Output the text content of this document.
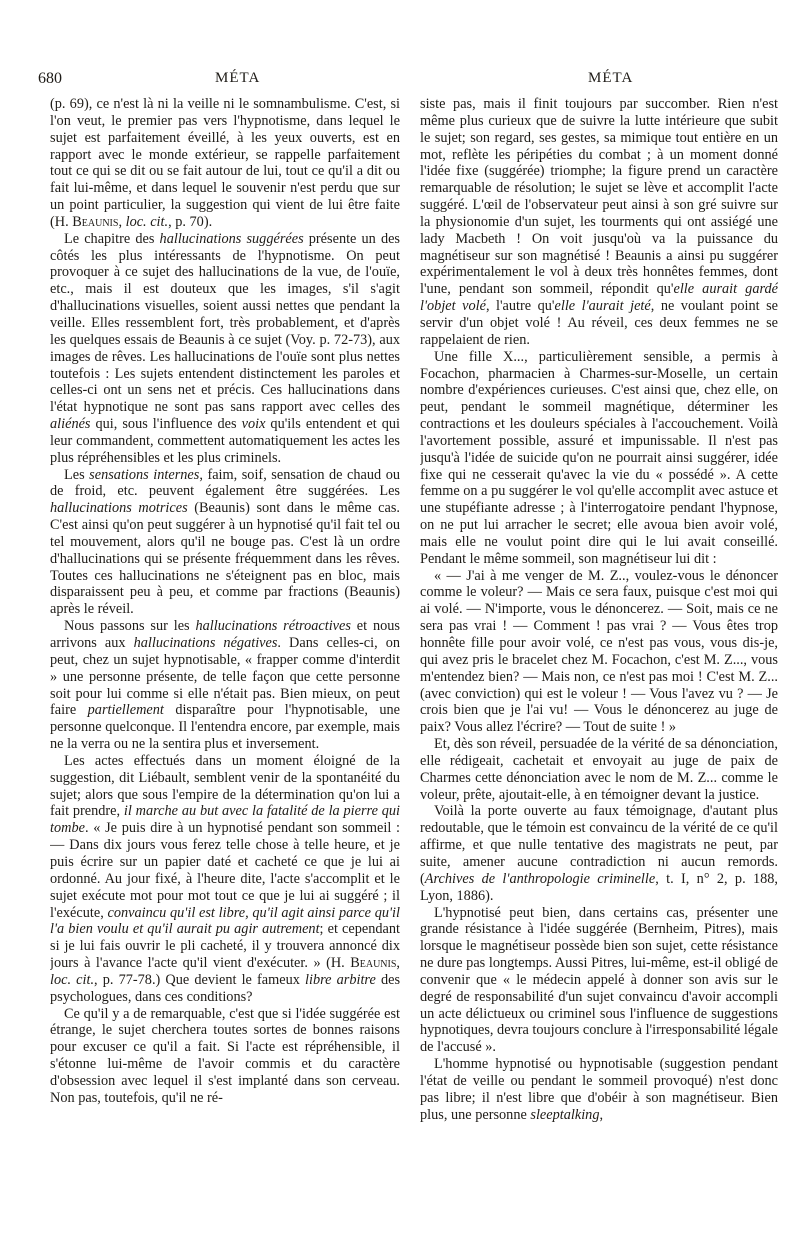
680	MÉTA	MÉTA

(p. 69), ce n'est là ni la veille ni le somnambulisme. C'est, si l'on veut, le premier pas vers l'hypnotisme, dans lequel le sujet est parfaitement éveillé, à les yeux ouverts, est en rapport avec le monde extérieur, se rappelle parfaitement tout ce qui se dit ou se fait autour de lui, tout ce qu'il a dit ou fait lui-même, et dans lequel le souvenir n'est perdu que sur un point particulier, la suggestion qui vient de lui être faite (H. Beaunis, loc. cit., p. 70).

Le chapitre des hallucinations suggérées présente un des côtés les plus intéressants de l'hypnotisme. On peut provoquer à ce sujet des hallucinations de la vue, de l'ouïe, etc., mais il est douteux que les images, s'il s'agit d'hallucinations visuelles, soient aussi nettes que pendant la veille. Elles ressemblent fort, très probablement, et d'après les quelques essais de Beaunis à ce sujet (Voy. p. 72-73), aux images de rêves. Les hallucinations de l'ouïe sont plus nettes toutefois : Les sujets entendent distinctement les paroles et celles-ci ont un sens net et précis. Ces hallucinations dans l'état hypnotique ne sont pas sans rapport avec celles des aliénés qui, sous l'influence des voix qu'ils entendent et qui leur commandent, commettent automatiquement les actes les plus répréhensibles et les plus criminels.

Les sensations internes, faim, soif, sensation de chaud ou de froid, etc. peuvent également être suggérées. Les hallucinations motrices (Beaunis) sont dans le même cas. C'est ainsi qu'on peut suggérer à un hypnotisé qu'il fait tel ou tel mouvement, alors qu'il ne bouge pas. C'est là un ordre d'hallucinations qui se présente fréquemment dans les rêves. Toutes ces hallucinations ne s'éteignent pas en bloc, mais disparaissent peu à peu, et comme par fractions (Beaunis) après le réveil.

Nous passons sur les hallucinations rétroactives et nous arrivons aux hallucinations négatives. Dans celles-ci, on peut, chez un sujet hypnotisable, « frapper comme d'interdit » une personne présente, de telle façon que cette personne soit pour lui comme si elle n'était pas. Bien mieux, on peut faire partiellement disparaître pour l'hypnotisable, une personne quelconque. Il l'entendra encore, par exemple, mais ne la verra ou ne la sentira plus et inversement.

Les actes effectués dans un moment éloigné de la suggestion, dit Liébault, semblent venir de la spontanéité du sujet; alors que sous l'empire de la détermination qu'on lui a fait prendre, il marche au but avec la fatalité de la pierre qui tombe. « Je puis dire à un hypnotisé pendant son sommeil : — Dans dix jours vous ferez telle chose à telle heure, et je puis écrire sur un papier daté et cacheté ce que je lui ai ordonné. Au jour fixé, à l'heure dite, l'acte s'accomplit et le sujet exécute mot pour mot tout ce que je lui ai suggéré ; il l'exécute, convaincu qu'il est libre, qu'il agit ainsi parce qu'il l'a bien voulu et qu'il aurait pu agir autrement; et cependant si je lui fais ouvrir le pli cacheté, il y trouvera annoncé dix jours à l'avance l'acte qu'il vient d'exécuter. » (H. Beaunis, loc. cit., p. 77-78.) Que devient le fameux libre arbitre des psychologues, dans ces conditions?

Ce qu'il y a de remarquable, c'est que si l'idée suggérée est étrange, le sujet cherchera toutes sortes de bonnes raisons pour excuser ce qu'il a fait. Si l'acte est répréhensible, il s'étonne lui-même de l'avoir commis et du caractère d'obsession avec lequel il s'est implanté dans son cerveau. Non pas, toutefois, qu'il ne ré-

siste pas, mais il finit toujours par succomber. Rien n'est même plus curieux que de suivre la lutte intérieure que subit le sujet; son regard, ses gestes, sa mimique tout entière en un mot, reflète les péripéties du combat ; à un moment donné l'idée fixe (suggérée) triomphe; la figure prend un caractère remarquable de résolution; le sujet se lève et accomplit l'acte suggéré. L'œil de l'observateur peut ainsi à son gré suivre sur la physionomie d'un sujet, les tourments qui ont assiégé une lady Macbeth ! On voit jusqu'où va la puissance du magnétiseur sur son magnétisé ! Beaunis a ainsi pu suggérer expérimentalement le vol à deux très honnêtes femmes, dont l'une, pendant son sommeil, répondit qu'elle aurait gardé l'objet volé, l'autre qu'elle l'aurait jeté, ne voulant point se servir d'un objet volé ! Au réveil, ces deux femmes ne se rappelaient de rien.

Une fille X..., particulièrement sensible, a permis à Focachon, pharmacien à Charmes-sur-Moselle, un certain nombre d'expériences curieuses. C'est ainsi que, chez elle, on peut, pendant le sommeil magnétique, déterminer les contractions et les douleurs spéciales à l'accouchement. Voilà l'avortement possible, assuré et impunissable. Il n'est pas jusqu'à l'idée de suicide qu'on ne pourrait ainsi suggérer, idée fixe qui ne cesserait qu'avec la vie du « possédé ». A cette femme on a pu suggérer le vol qu'elle accomplit avec astuce et une stupéfiante adresse ; à l'interrogatoire pendant l'hypnose, on ne put lui arracher le secret; elle avoua bien avoir volé, mais elle ne voulut point dire qui le lui avait conseillé. Pendant le même sommeil, son magnétiseur lui dit :

« — J'ai à me venger de M. Z.., voulez-vous le dénoncer comme le voleur? — Mais ce sera faux, puisque c'est moi qui ai volé. — N'importe, vous le dénoncerez. — Soit, mais ce ne sera pas vrai ! — Comment ! pas vrai ? — Vous êtes trop honnête fille pour avoir volé, ce n'est pas vous, vous dis-je, qui avez pris le bracelet chez M. Focachon, c'est M. Z..., vous m'entendez bien? — Mais non, ce n'est pas moi ! C'est M. Z... (avec conviction) qui est le voleur ! — Vous l'avez vu ? — Je crois bien que je l'ai vu! — Vous le dénoncerez au juge de paix? Vous allez l'écrire? — Tout de suite ! »

Et, dès son réveil, persuadée de la vérité de sa dénonciation, elle rédigeait, cachetait et envoyait au juge de paix de Charmes cette dénonciation avec le nom de M. Z... comme le voleur, prête, ajoutait-elle, à en témoigner devant la justice.

Voilà la porte ouverte au faux témoignage, d'autant plus redoutable, que le témoin est convaincu de la vérité de ce qu'il affirme, et que nulle tentative des magistrats ne peut, par suite, amener aucune contradiction ni aucun remords. (Archives de l'anthropologie criminelle, t. I, n° 2, p. 188, Lyon, 1886).

L'hypnotisé peut bien, dans certains cas, présenter une grande résistance à l'idée suggérée (Bernheim, Pitres), mais lorsque le magnétiseur possède bien son sujet, cette résistance ne dure pas longtemps. Aussi Pitres, lui-même, est-il obligé de convenir que « le médecin appelé à donner son avis sur le degré de responsabilité d'un sujet convaincu d'avoir accompli un acte délictueux ou criminel sous l'influence de suggestions hypnotiques, devra toujours conclure à l'irresponsabilité légale de l'accusé ».

L'homme hypnotisé ou hypnotisable (suggestion pendant l'état de veille ou pendant le sommeil provoqué) n'est donc pas libre; il n'est libre que d'obéir à son magnétiseur. Bien plus, une personne sleeptalking,
